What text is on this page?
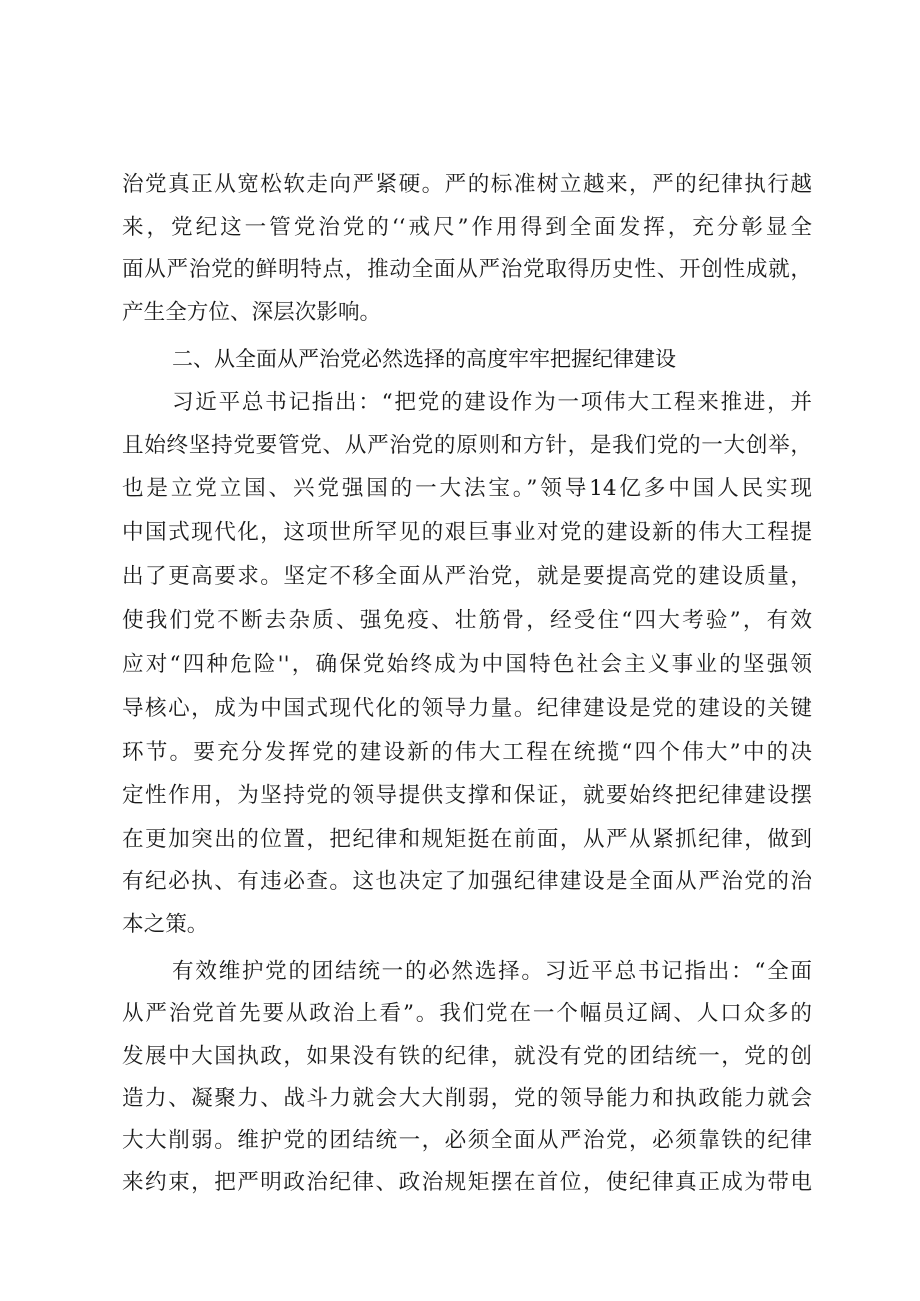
治党真正从宽松软走向严紧硬。严的标准树立越来，严的纪律执行越
来，党纪这一管党治党的‘‘戒尺”作用得到全面发挥，充分彰显全
面从严治党的鲜明特点，推动全面从严治党取得历史性、开创性成就，
产生全方位、深层次影响。
二、从全面从严治党必然选择的高度牢牢把握纪律建设
习近平总书记指出：“把党的建设作为一项伟大工程来推进，并
且始终坚持党要管党、从严治党的原则和方针，是我们党的一大创举，
也是立党立国、兴党强国的一大法宝。”领导14亿多中国人民实现
中国式现代化，这项世所罕见的艰巨事业对党的建设新的伟大工程提
出了更高要求。坚定不移全面从严治党，就是要提高党的建设质量，
使我们党不断去杂质、强免疫、壮筋骨，经受住“四大考验”，有效
应对“四种危险''，确保党始终成为中国特色社会主义事业的坚强领
导核心，成为中国式现代化的领导力量。纪律建设是党的建设的关键
环节。要充分发挥党的建设新的伟大工程在统揽“四个伟大”中的决
定性作用，为坚持党的领导提供支撑和保证，就要始终把纪律建设摆
在更加突出的位置，把纪律和规矩挺在前面，从严从紧抓纪律，做到
有纪必执、有违必查。这也决定了加强纪律建设是全面从严治党的治
本之策。
有效维护党的团结统一的必然选择。习近平总书记指出：“全面
从严治党首先要从政治上看”。我们党在一个幅员辽阔、人口众多的
发展中大国执政，如果没有铁的纪律，就没有党的团结统一，党的创
造力、凝聚力、战斗力就会大大削弱，党的领导能力和执政能力就会
大大削弱。维护党的团结统一，必须全面从严治党，必须靠铁的纪律
来约束，把严明政治纪律、政治规矩摆在首位，使纪律真正成为带电
